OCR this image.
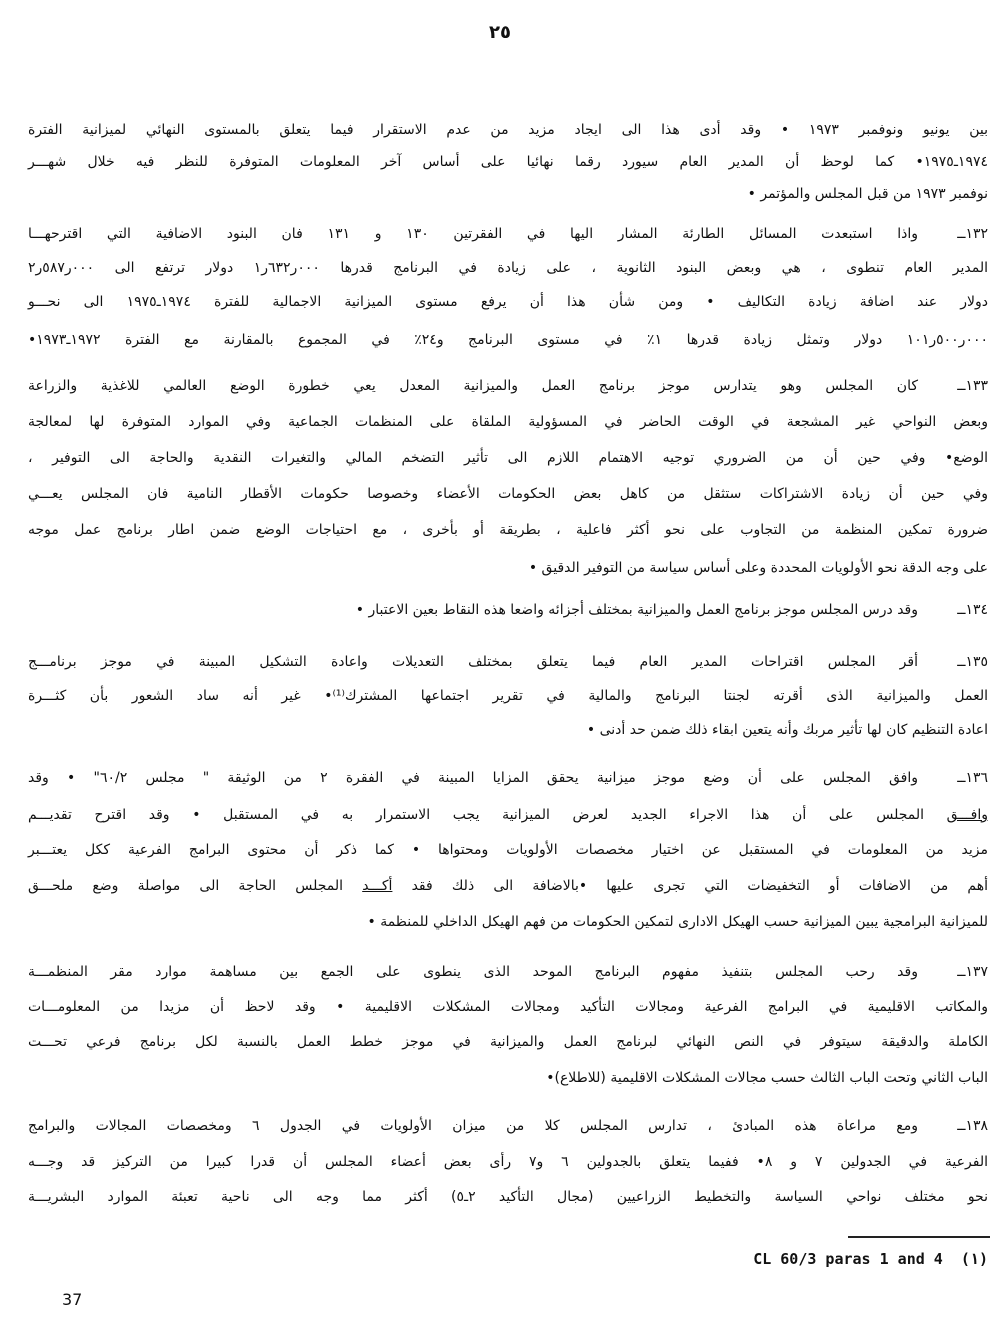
٢٥
بين يونيو ونوفمبر ١٩٧٣ • وقد أدى هذا الى ايجاد مزيد من عدم الاستقرار فيما يتعلق بالمستوى النهائي لميزانية الفترة
١٩٧٤ـ١٩٧٥• كما لوحظ أن المدير العام سيورد رقما نهائيا على أساس آخر المعلومات المتوفرة للنظر فيه خلال شهـــر
نوفمبر ١٩٧٣ من قبل المجلس والمؤتمر •
١٣٢ــ
واذا استبعدت المسائل الطارئة المشار اليها في الفقرتين ١٣٠ و ١٣١ فان البنود الاضافية التي اقترحهـــا
المدير العام تنطوى ، هي وبعض البنود الثانوية ، على زيادة في البرنامج قدرها ٠٠٠ر٦٣٢ر١ دولار ترتفع الى ٠٠٠ر٥٨٧ر٢
دولار عند اضافة زيادة التكاليف • ومن شأن هذا أن يرفع مستوى الميزانية الاجمالية للفترة ١٩٧٤ـ١٩٧٥ الى نحـــو
٠٠٠ر٥٠٠ر١٠١ دولار وتمثل زيادة قدرها ١٪ في مستوى البرنامج و٢٤٪ في المجموع بالمقارنة مع الفترة ١٩٧٢ـ١٩٧٣•
١٣٣ــ
كان المجلس وهو يتدارس موجز برنامج العمل والميزانية المعدل يعي خطورة الوضع العالمي للاغذية والزراعة
وبعض النواحي غير المشجعة في الوقت الحاضر في المسؤولية الملقاة على المنظمات الجماعية وفي الموارد المتوفرة لها لمعالجة
الوضع• وفي حين أن من الضروري توجيه الاهتمام اللازم الى تأثير التضخم المالي والتغيرات النقدية والحاجة الى التوفير ،
وفي حين أن زيادة الاشتراكات ستثقل من كاهل بعض الحكومات الأعضاء وخصوصا حكومات الأقطار النامية فان المجلس يعـــي
ضرورة تمكين المنظمة من التجاوب على نحو أكثر فاعلية ، بطريقة أو بأخرى ، مع احتياجات الوضع ضمن اطار برنامج عمل موجه
على وجه الدقة نحو الأولويات المحددة وعلى أساس سياسة من التوفير الدقيق •
١٣٤ــ
وقد درس المجلس موجز برنامج العمل والميزانية بمختلف أجزائه واضعا هذه النقاط بعين الاعتبار •
١٣٥ــ
أقر المجلس اقتراحات المدير العام فيما يتعلق بمختلف التعديلات واعادة التشكيل المبينة في موجز برنامـــج
العمل والميزانية الذى أقرته لجنتا البرنامج والمالية في تقرير اجتماعها المشترك⁽¹⁾• غير أنه ساد الشعور بأن كثـــرة
اعادة التنظيم كان لها تأثير مربك وأنه يتعين ابقاء ذلك ضمن حد أدنى •
١٣٦ــ
وافق المجلس على أن وضع موجز ميزانية يحقق المزايا المبينة في الفقرة ٢ من الوثيقة " مجلس ٦٠/٢" • وقد
وافـــق المجلس على أن هذا الاجراء الجديد لعرض الميزانية يجب الاستمرار به في المستقبل • وقد اقترح تقديـــم
مزيد من المعلومات في المستقبل عن اختيار مخصصات الأولويات ومحتواها • كما ذكر أن محتوى البرامج الفرعية ككل يعتـــبر
أهم من الاضافات أو التخفيضات التي تجرى عليها •بالاضافة الى ذلك فقد أكـــد المجلس الحاجة الى مواصلة وضع ملحـــق
للميزانية البرامجية يبين الميزانية حسب الهيكل الادارى لتمكين الحكومات من فهم الهيكل الداخلي للمنظمة •
١٣٧ــ
وقد رحب المجلس بتنفيذ مفهوم البرنامج الموحد الذى ينطوى على الجمع بين مساهمة موارد مقر المنظمـــة
والمكاتب الاقليمية في البرامج الفرعية ومجالات التأكيد ومجالات المشكلات الاقليمية • وقد لاحظ أن مزيدا من المعلومـــات
الكاملة والدقيقة سيتوفر في النص النهائي لبرنامج العمل والميزانية في موجز خطط العمل بالنسبة لكل برنامج فرعي تحـــت
الباب الثاني وتحت الباب الثالث حسب مجالات المشكلات الاقليمية (للاطلاع)•
١٣٨ــ
ومع مراعاة هذه المبادئ ، تدارس المجلس كلا من ميزان الأولويات في الجدول ٦ ومخصصات المجالات والبرامج
الفرعية في الجدولين ٧ و ٨• ففيما يتعلق بالجدولين ٦ و٧ رأى بعض أعضاء المجلس أن قدرا كبيرا من التركيز قد وجـــه
نحو مختلف نواحي السياسة والتخطيط الزراعيين (مجال التأكيد ٢ـ٥) أكثر مما وجه الى ناحية تعبئة الموارد البشريـــة
CL 60/3 paras 1 and 4 (١)
37
